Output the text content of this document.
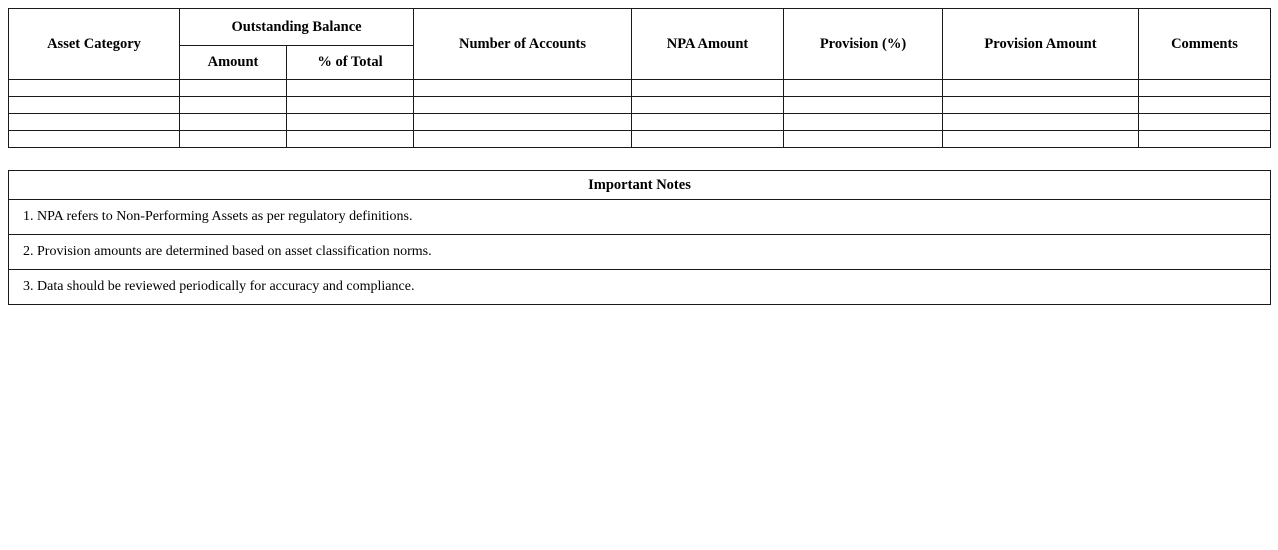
Asset Category	Outstanding Balance		Number of Accounts	NPA Amount	Provision (%)	Provision Amount	Comments
	Amount	% of Total					

Important Notes
1. NPA refers to Non-Performing Assets as per regulatory definitions.
2. Provision amounts are determined based on asset classification norms.
3. Data should be reviewed periodically for accuracy and compliance.
